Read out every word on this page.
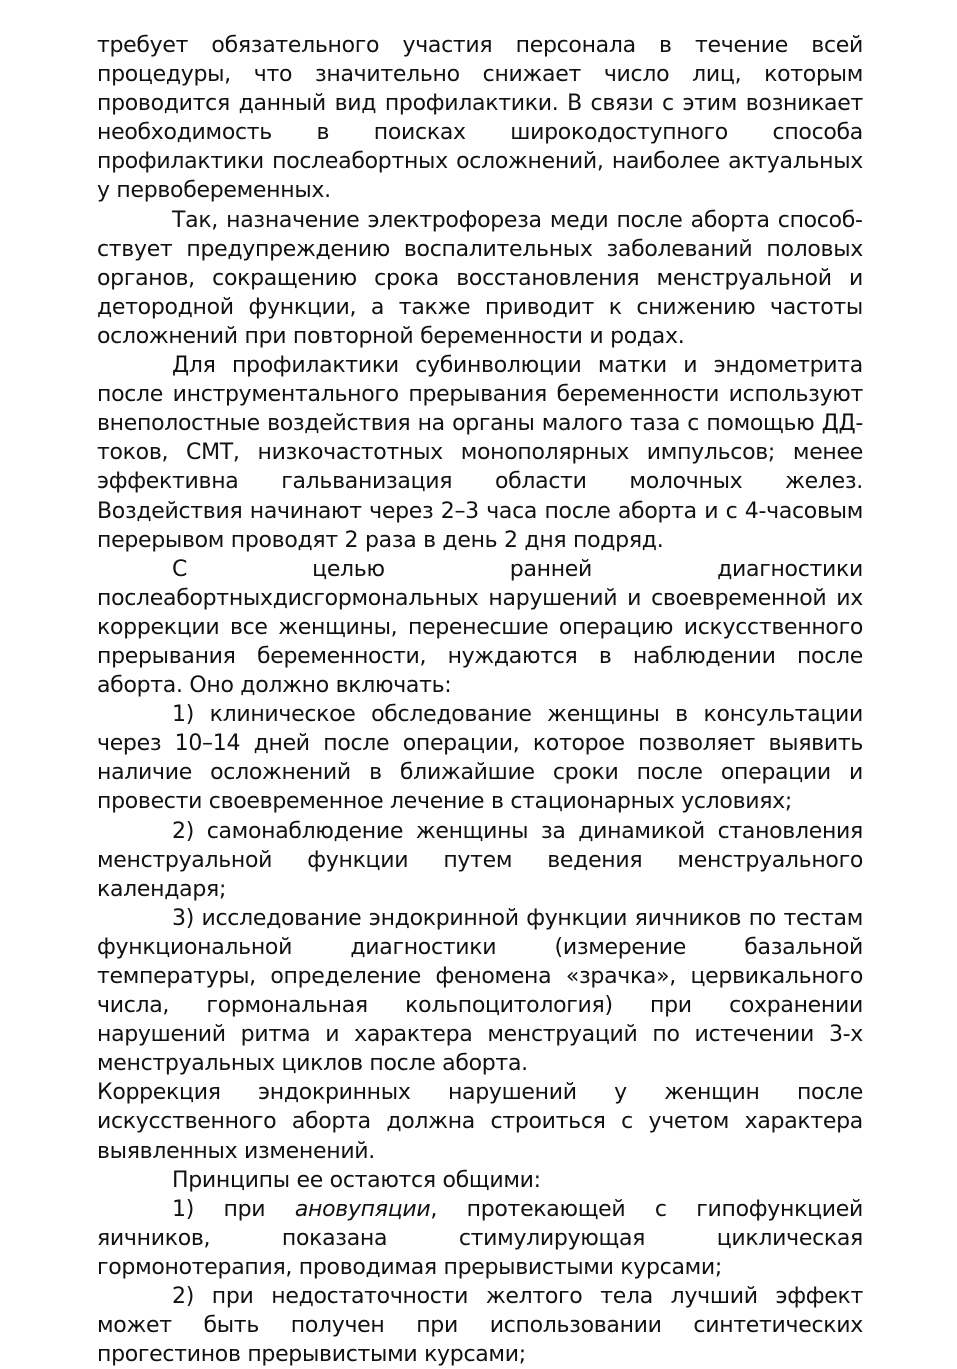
требует обязательного участия персонала в течение всей процедуры, что значительно снижает число лиц, которым проводится данный вид профилактики. В связи с этим возникает необходимость в поисках широкодоступного способа профилактики послеабортных осложнений, наиболее актуальных у первобеременных.

Так, назначение электрофореза меди после аборта способствует предупреждению воспалительных заболеваний половых органов, сокращению срока восстановления менструальной и детородной функции, а также приводит к снижению частоты осложнений при повторной беременности и родах.

Для профилактики субинволюции матки и эндометрита после инструментального прерывания беременности используют внеполостные воздействия на органы малого таза с помощью ДД-токов, СМТ, низкочастотных монополярных импульсов; менее эффективна гальванизация области молочных желез. Воздействия начинают через 2–3 часа после аборта и с 4-часовым перерывом проводят 2 раза в день 2 дня подряд.

С целью ранней диагностики послеабортныхдисгормональных нарушений и своевременной их коррекции все женщины, перенесшие операцию искусственного прерывания беременности, нуждаются в наблюдении после аборта. Оно должно включать:

1) клиническое обследование женщины в консультации через 10–14 дней после операции, которое позволяет выявить наличие осложнений в ближайшие сроки после операции и провести своевременное лечение в стационарных условиях;

2) самонаблюдение женщины за динамикой становления менструальной функции путем ведения менструального календаря;

3) исследование эндокринной функции яичников по тестам функциональной диагностики (измерение базальной температуры, определение феномена «зрачка», цервикального числа, гормональная кольпоцитология) при сохранении нарушений ритма и характера менструаций по истечении 3-х менструальных циклов после аборта.

Коррекция эндокринных нарушений у женщин после искусственного аборта должна строиться с учетом характера выявленных изменений.

Принципы ее остаются общими:

1) при ановупяции, протекающей с гипофункцией яичников, показана стимулирующая циклическая гормонотерапия, проводимая прерывистыми курсами;

2) при недостаточности желтого тела лучший эффект может быть получен при использовании синтетических прогестинов прерывистыми курсами;
